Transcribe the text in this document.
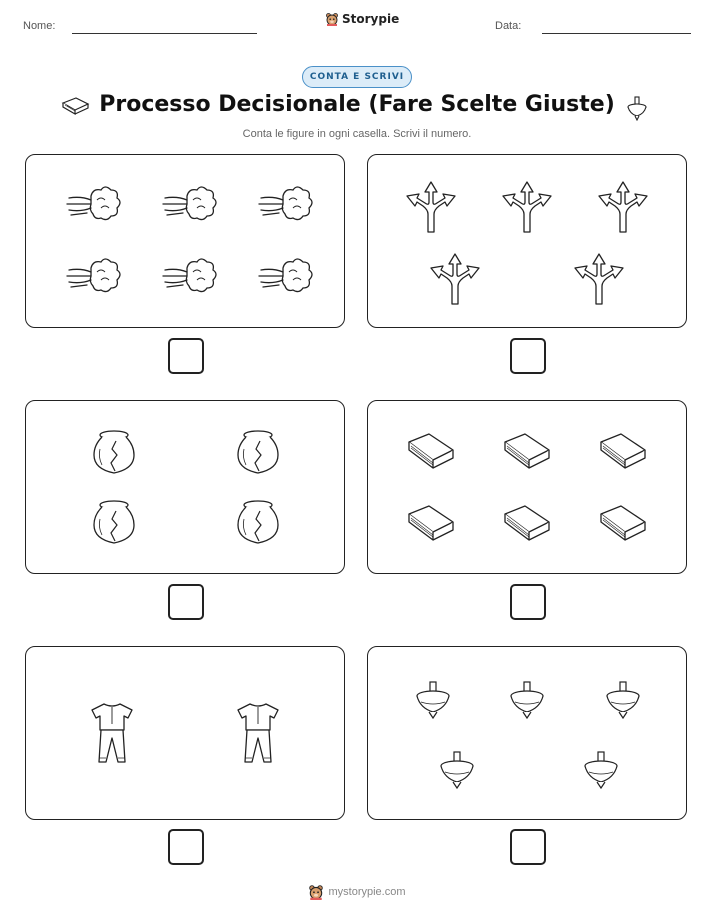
Nome:	Storypie	Data:
CONTA E SCRIVI
Processo Decisionale (Fare Scelte Giuste)
Conta le figure in ogni casella. Scrivi il numero.
mystorypie.com
